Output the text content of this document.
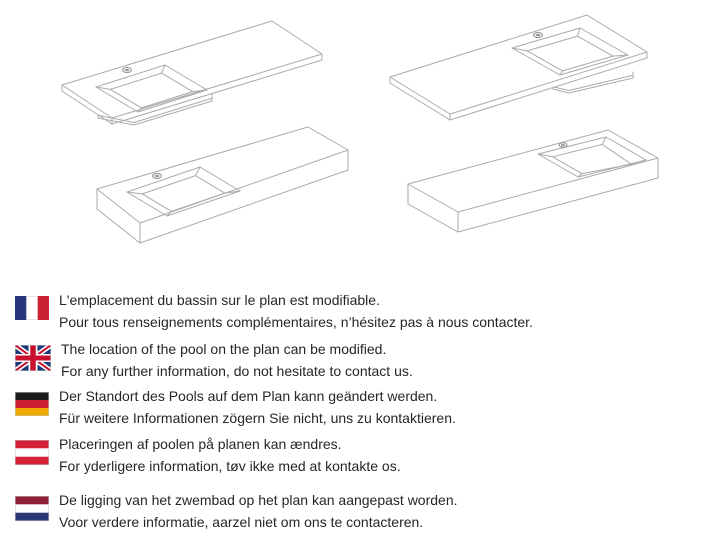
L'emplacement du bassin sur le plan est modifiable.
Pour tous renseignements complémentaires, n’hésitez pas à nous contacter.
The location of the pool on the plan can be modified.
For any further information, do not hesitate to contact us.
Der Standort des Pools auf dem Plan kann geändert werden.
Für weitere Informationen zögern Sie nicht, uns zu kontaktieren.
Placeringen af poolen på planen kan ændres.
For yderligere information, tøv ikke med at kontakte os.
De ligging van het zwembad op het plan kan aangepast worden.
Voor verdere informatie, aarzel niet om ons te contacteren.
